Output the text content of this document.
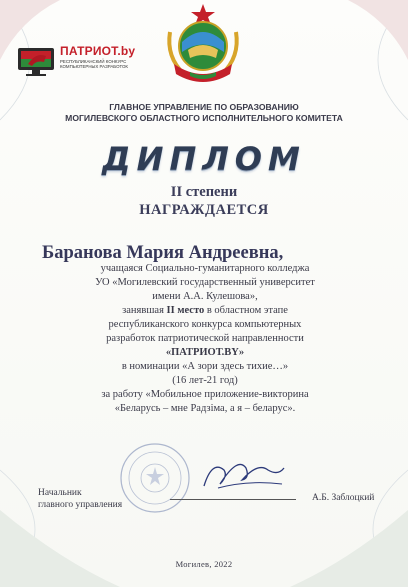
ПАТРИОТ.by
РЕСПУБЛИКАНСКИЙ КОНКУРС КОМПЬЮТЕРНЫХ РАЗРАБОТОК
ГЛАВНОЕ УПРАВЛЕНИЕ ПО ОБРАЗОВАНИЮ
МОГИЛЕВСКОГО ОБЛАСТНОГО ИСПОЛНИТЕЛЬНОГО КОМИТЕТА
ДИПЛОМ
II степени
НАГРАЖДАЕТСЯ
Баранова Мария Андреевна,
учащаяся Социально-гуманитарного колледжа
УО «Могилевский государственный университет
имени А.А. Кулешова»,
занявшая II место в областном этапе
республиканского конкурса компьютерных
разработок патриотической направленности
«ПАТРИОТ.BY»
в номинации «А зори здесь тихие…»
(16 лет-21 год)
за работу «Мобильное приложение-викторина
«Беларусь – мне Радзіма, а я – беларус».
Начальник
главного управления
А.Б. Заблоцкий
Могилев, 2022
